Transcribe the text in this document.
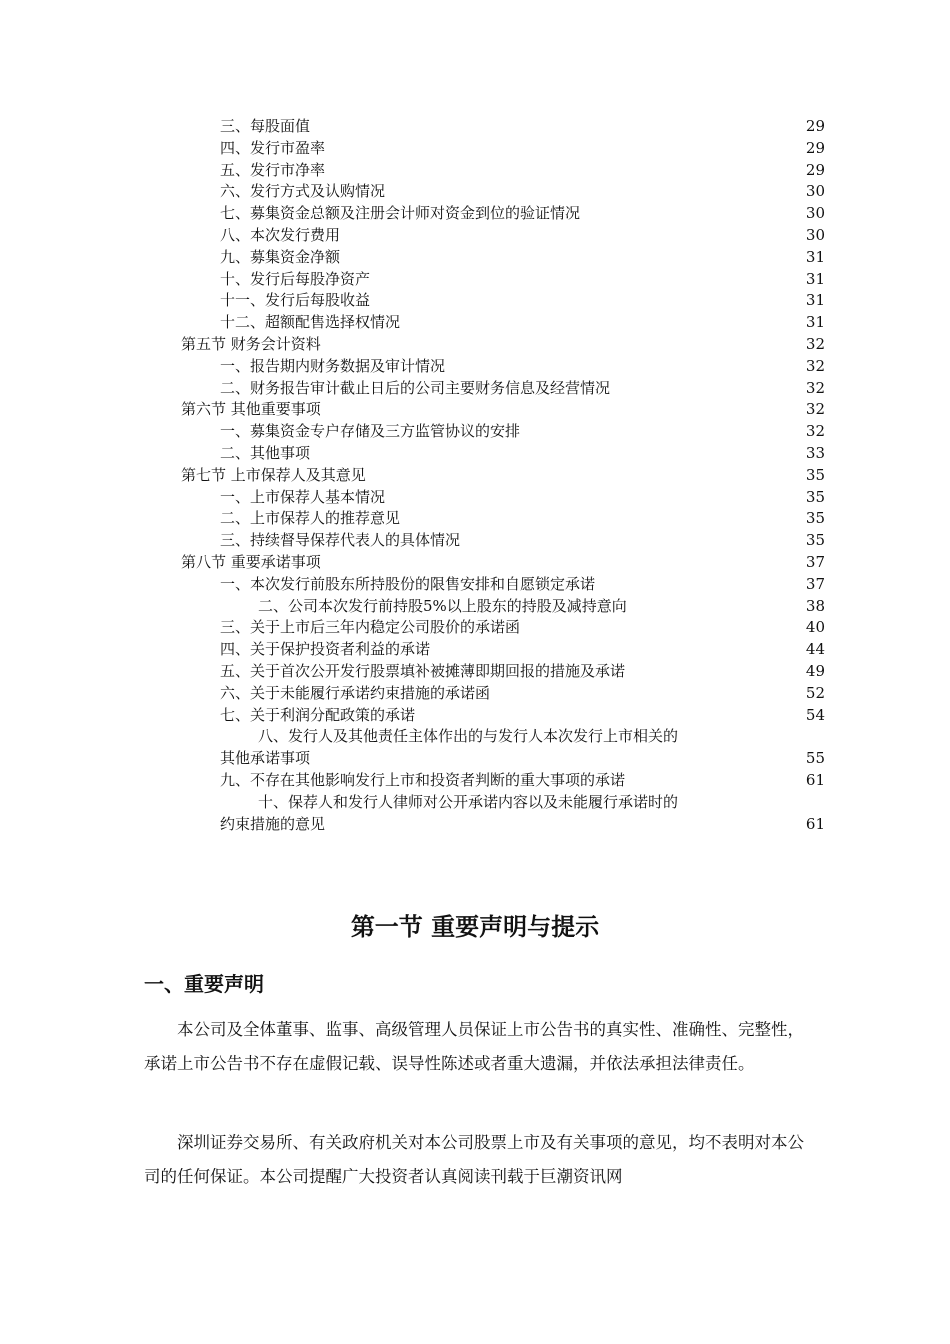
三、每股面值	29
四、发行市盈率	29
五、发行市净率	29
六、发行方式及认购情况	30
七、募集资金总额及注册会计师对资金到位的验证情况	30
八、本次发行费用	30
九、募集资金净额	31
十、发行后每股净资产	31
十一、发行后每股收益	31
十二、超额配售选择权情况	31
第五节 财务会计资料	32
一、报告期内财务数据及审计情况	32
二、财务报告审计截止日后的公司主要财务信息及经营情况	32
第六节 其他重要事项	32
一、募集资金专户存储及三方监管协议的安排	32
二、其他事项	33
第七节 上市保荐人及其意见	35
一、上市保荐人基本情况	35
二、上市保荐人的推荐意见	35
三、持续督导保荐代表人的具体情况	35
第八节 重要承诺事项	37
一、本次发行前股东所持股份的限售安排和自愿锁定承诺	37
二、公司本次发行前持股5%以上股东的持股及减持意向	38
三、关于上市后三年内稳定公司股价的承诺函	40
四、关于保护投资者利益的承诺	44
五、关于首次公开发行股票填补被摊薄即期回报的措施及承诺	49
六、关于未能履行承诺约束措施的承诺函	52
七、关于利润分配政策的承诺	54
八、发行人及其他责任主体作出的与发行人本次发行上市相关的
其他承诺事项	55
九、不存在其他影响发行上市和投资者判断的重大事项的承诺	61
十、保荐人和发行人律师对公开承诺内容以及未能履行承诺时的
约束措施的意见	61
第一节 重要声明与提示
一、重要声明
本公司及全体董事、监事、高级管理人员保证上市公告书的真实性、准确性、完整性，承诺上市公告书不存在虚假记载、误导性陈述或者重大遗漏，并依法承担法律责任。
深圳证券交易所、有关政府机关对本公司股票上市及有关事项的意见，均不表明对本公司的任何保证。本公司提醒广大投资者认真阅读刊载于巨潮资讯网
